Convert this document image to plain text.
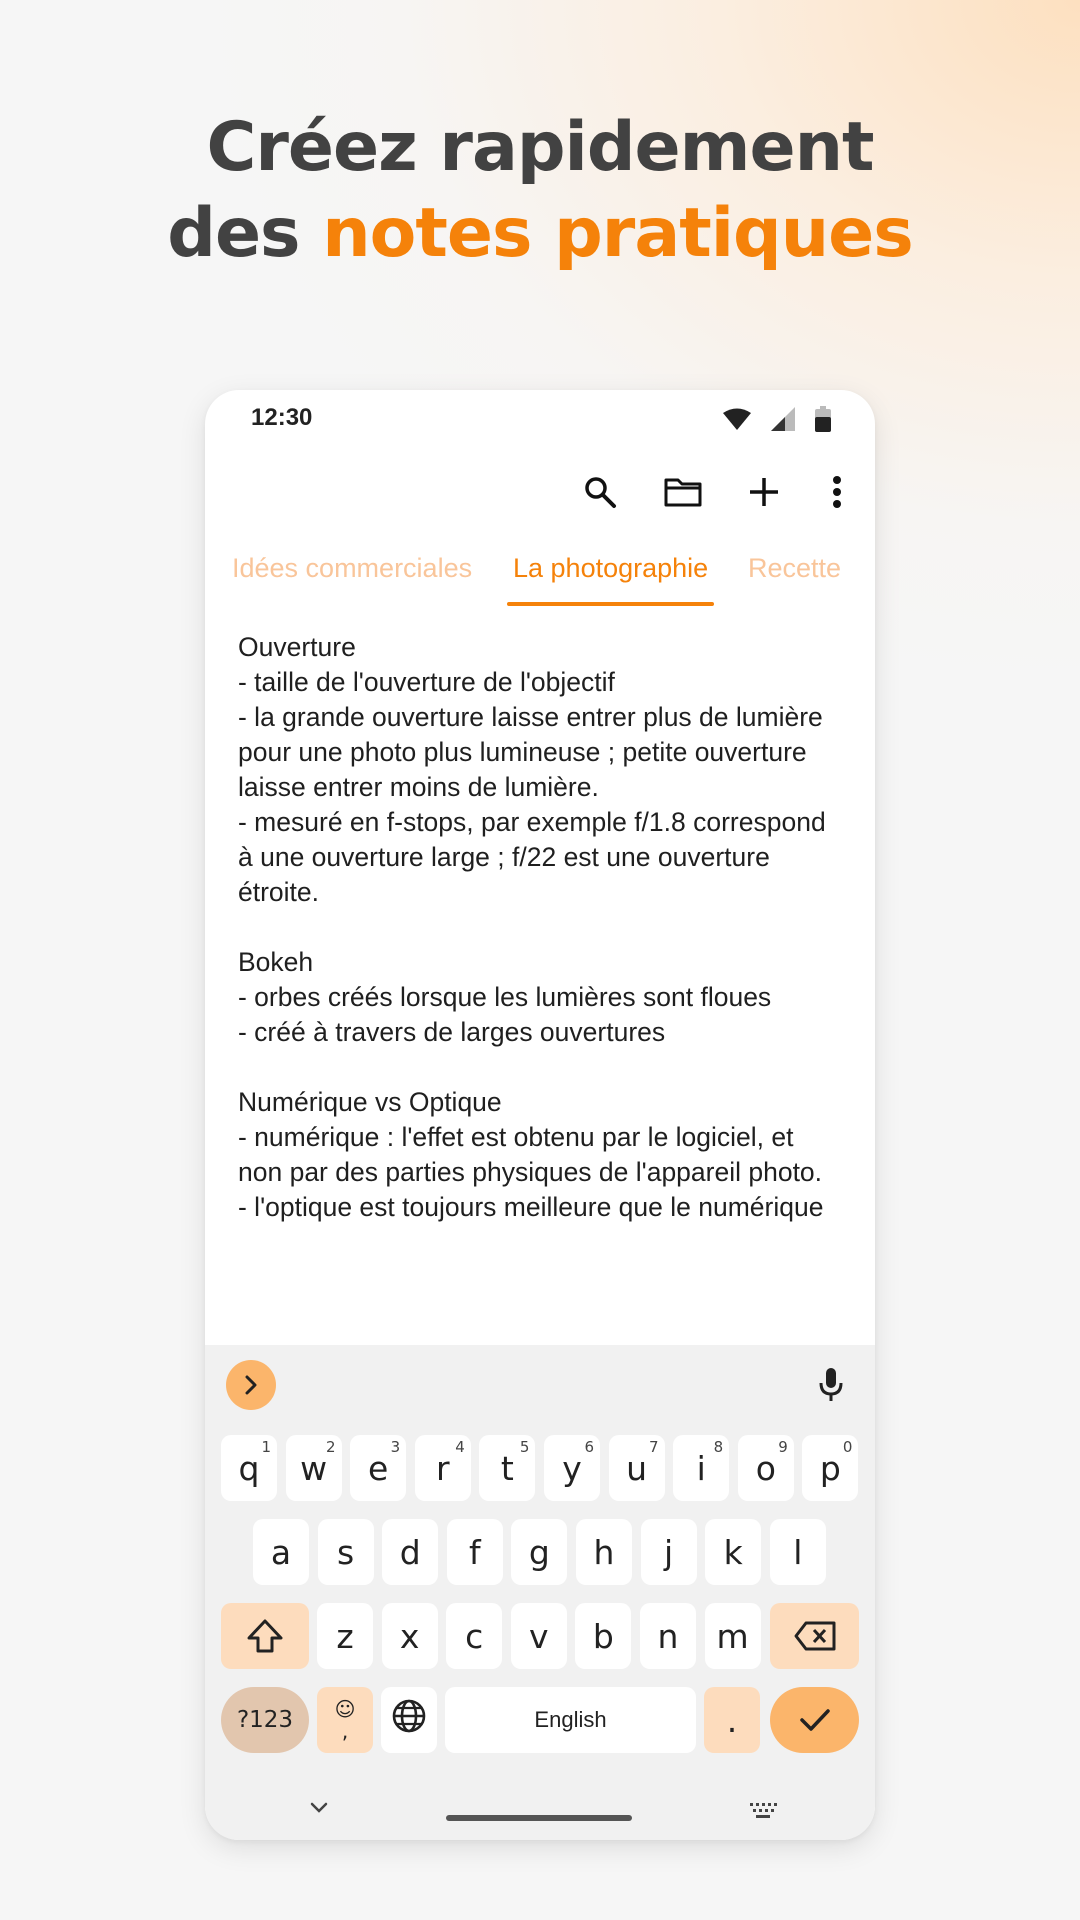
Créez rapidement
des notes pratiques
12:30
Idées commerciales La photographie Recette
Ouverture
- taille de l'ouverture de l'objectif
- la grande ouverture laisse entrer plus de lumière
pour une photo plus lumineuse ; petite ouverture
laisse entrer moins de lumière.
- mesuré en f-stops, par exemple f/1.8 correspond
à une ouverture large ; f/22 est une ouverture
étroite.
Bokeh
- orbes créés lorsque les lumières sont floues
- créé à travers de larges ouvertures
Numérique vs Optique
- numérique : l'effet est obtenu par le logiciel, et
non par des parties physiques de l'appareil photo.
- l'optique est toujours meilleure que le numérique
q
1
w
2
e
3
r
4
t
5
y
6
u
7
i
8
o
9
p
0
a s d f g h j k l
z x c v b n m
?123	☺
,	English	.
